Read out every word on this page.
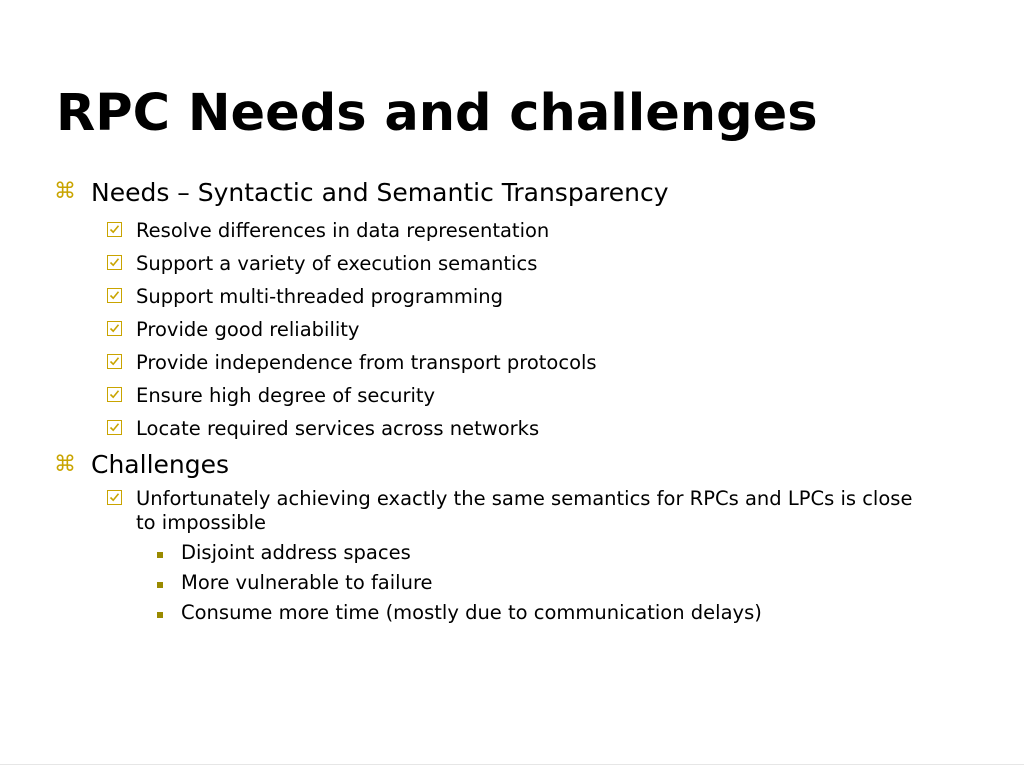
RPC Needs and challenges
⌘ Needs – Syntactic and Semantic Transparency
Resolve differences in data representation
Support a variety of execution semantics
Support multi-threaded programming
Provide good reliability
Provide independence from transport protocols
Ensure high degree of security
Locate required services across networks
⌘ Challenges
Unfortunately achieving exactly the same semantics for RPCs and LPCs is close
to impossible
Disjoint address spaces
More vulnerable to failure
Consume more time (mostly due to communication delays)
